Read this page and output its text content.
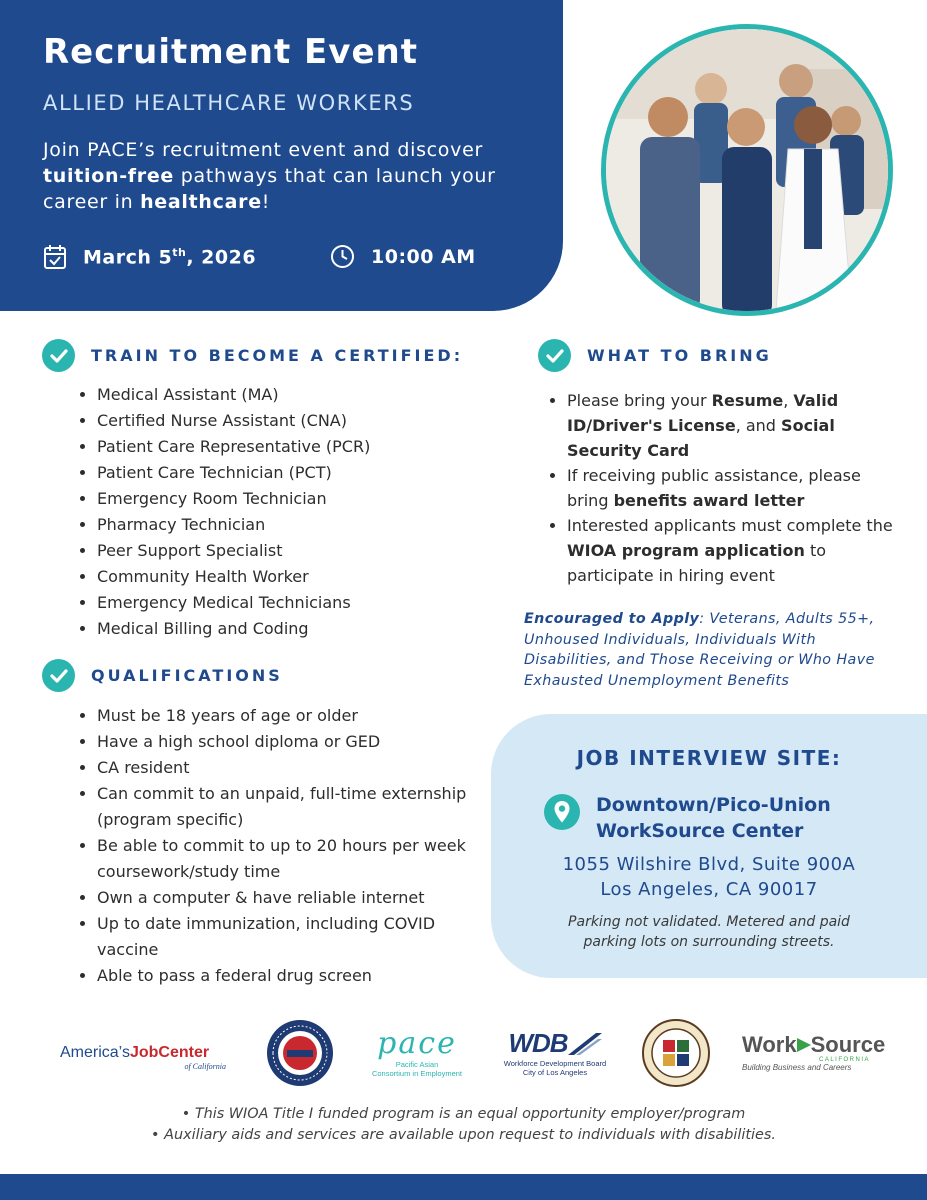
Recruitment Event
ALLIED HEALTHCARE WORKERS
Join PACE’s recruitment event and discover tuition-free pathways that can launch your career in healthcare!
March 5th, 2026	10:00 AM
TRAIN TO BECOME A CERTIFIED:
• Medical Assistant (MA)
• Certified Nurse Assistant (CNA)
• Patient Care Representative (PCR)
• Patient Care Technician (PCT)
• Emergency Room Technician
• Pharmacy Technician
• Peer Support Specialist
• Community Health Worker
• Emergency Medical Technicians
• Medical Billing and Coding
QUALIFICATIONS
• Must be 18 years of age or older
• Have a high school diploma or GED
• CA resident
• Can commit to an unpaid, full-time externship (program specific)
• Be able to commit to up to 20 hours per week coursework/study time
• Own a computer & have reliable internet
• Up to date immunization, including COVID vaccine
• Able to pass a federal drug screen
WHAT TO BRING
• Please bring your Resume, Valid ID/Driver's License, and Social Security Card
• If receiving public assistance, please bring benefits award letter
• Interested applicants must complete the WIOA program application to participate in hiring event
Encouraged to Apply: Veterans, Adults 55+, Unhoused Individuals, Individuals With Disabilities, and Those Receiving or Who Have Exhausted Unemployment Benefits
JOB INTERVIEW SITE:
Downtown/Pico-Union
WorkSource Center
1055 Wilshire Blvd, Suite 900A
Los Angeles, CA 90017
Parking not validated. Metered and paid
parking lots on surrounding streets.
America’sJobCenter
of California
pace
Pacific Asian
Consortium in Employment
WDB
Workforce Development Board
City of Los Angeles
Work Source
CALIFORNIA
Building Business and Careers
• This WIOA Title I funded program is an equal opportunity employer/program
• Auxiliary aids and services are available upon request to individuals with disabilities.
